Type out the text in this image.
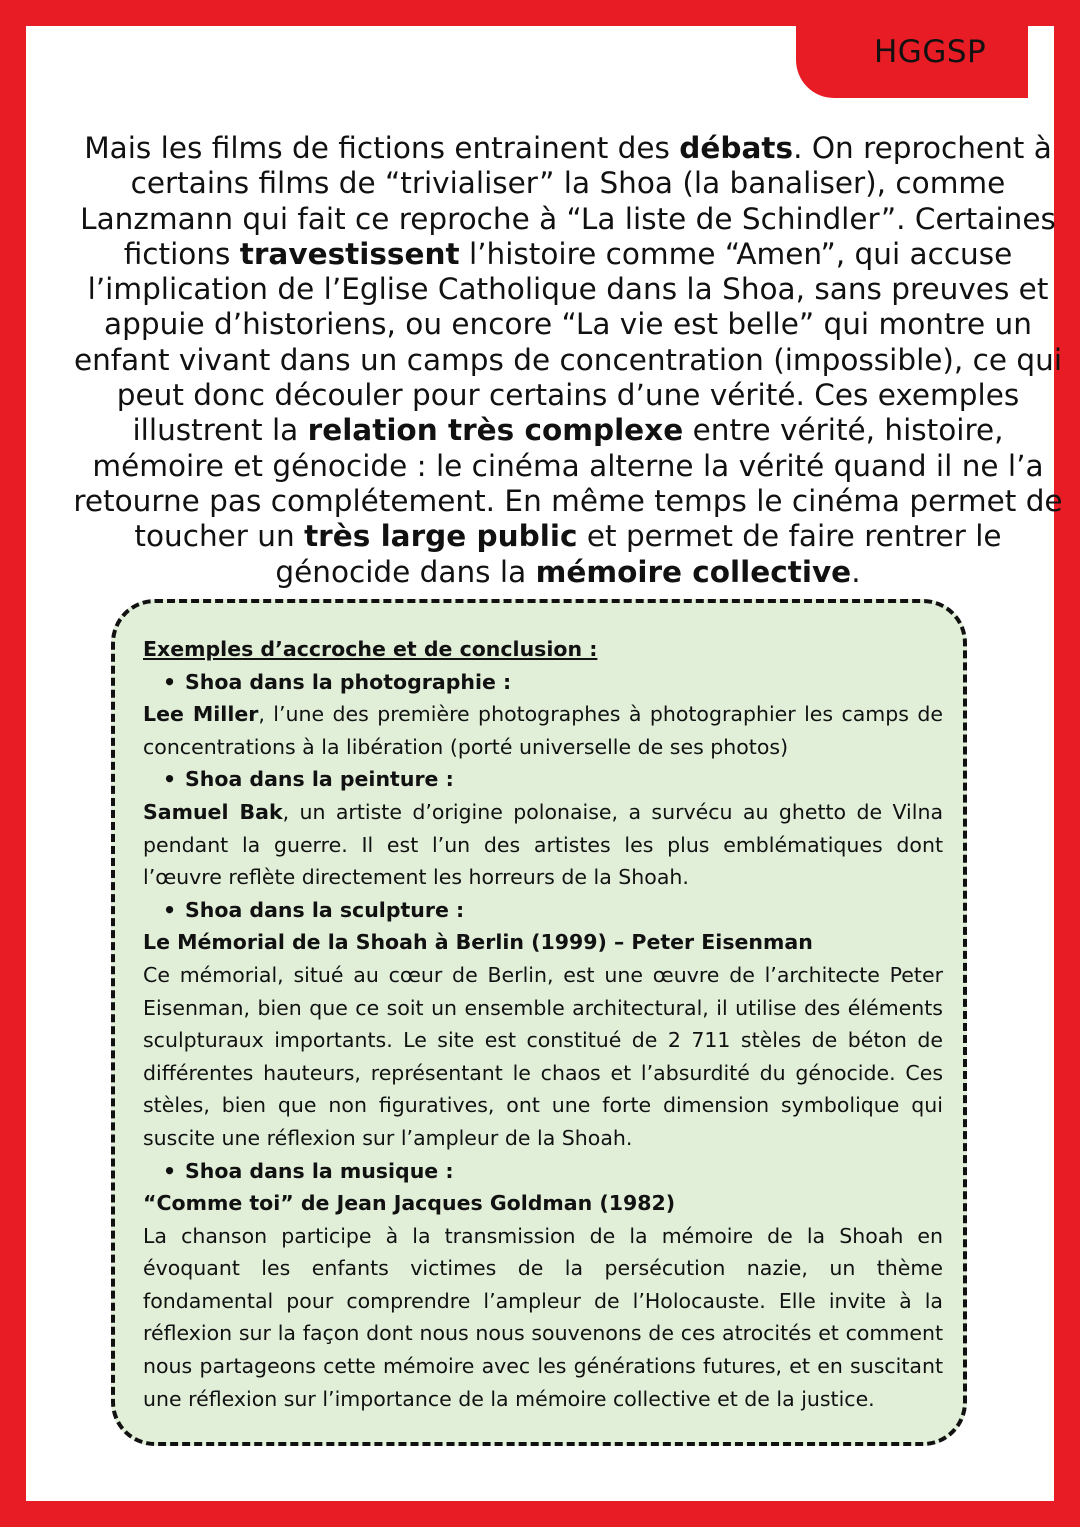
HGGSP
Mais les films de fictions entrainent des débats. On reprochent à certains films de “trivialiser” la Shoa (la banaliser), comme Lanzmann qui fait ce reproche à “La liste de Schindler”. Certaines fictions travestissent l’histoire comme “Amen”, qui accuse l’implication de l’Eglise Catholique dans la Shoa, sans preuves et appuie d’historiens, ou encore “La vie est belle” qui montre un enfant vivant dans un camps de concentration (impossible), ce qui peut donc découler pour certains d’une vérité. Ces exemples illustrent la relation très complexe entre vérité, histoire, mémoire et génocide : le cinéma alterne la vérité quand il ne l’a retourne pas complétement. En même temps le cinéma permet de toucher un très large public et permet de faire rentrer le génocide dans la mémoire collective.
Exemples d’accroche et de conclusion :
• Shoa dans la photographie :
Lee Miller, l’une des première photographes à photographier les camps de concentrations à la libération (porté universelle de ses photos)
• Shoa dans la peinture :
Samuel Bak, un artiste d’origine polonaise, a survécu au ghetto de Vilna pendant la guerre. Il est l’un des artistes les plus emblématiques dont l’œuvre reflète directement les horreurs de la Shoah.
• Shoa dans la sculpture :
Le Mémorial de la Shoah à Berlin (1999) – Peter Eisenman
Ce mémorial, situé au cœur de Berlin, est une œuvre de l’architecte Peter Eisenman, bien que ce soit un ensemble architectural, il utilise des éléments sculpturaux importants. Le site est constitué de 2 711 stèles de béton de différentes hauteurs, représentant le chaos et l’absurdité du génocide. Ces stèles, bien que non figuratives, ont une forte dimension symbolique qui suscite une réflexion sur l’ampleur de la Shoah.
• Shoa dans la musique :
“Comme toi” de Jean Jacques Goldman (1982)
La chanson participe à la transmission de la mémoire de la Shoah en évoquant les enfants victimes de la persécution nazie, un thème fondamental pour comprendre l’ampleur de l’Holocauste. Elle invite à la réflexion sur la façon dont nous nous souvenons de ces atrocités et comment nous partageons cette mémoire avec les générations futures, et en suscitant une réflexion sur l’importance de la mémoire collective et de la justice.
